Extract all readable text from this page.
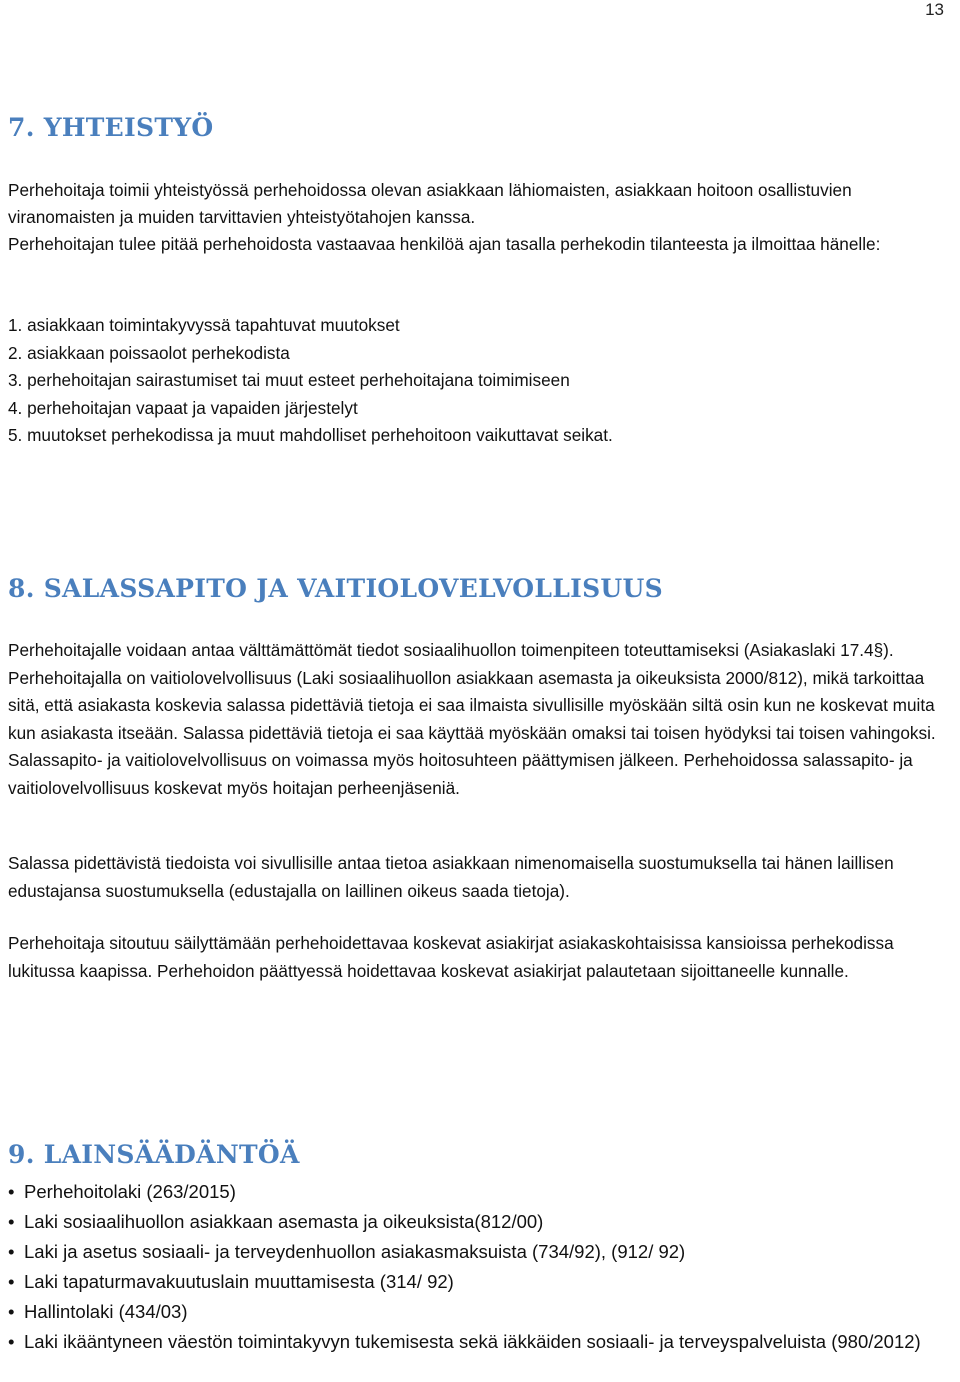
13
7. YHTEISTYÖ

Perhehoitaja toimii yhteistyössä perhehoidossa olevan asiakkaan lähiomaisten, asiakkaan hoitoon osallistuvien viranomaisten ja muiden tarvittavien yhteistyötahojen kanssa.

Perhehoitajan tulee pitää perhehoidosta vastaavaa henkilöä ajan tasalla perhekodin tilanteesta ja ilmoittaa hänelle:

1. asiakkaan toimintakyvyssä tapahtuvat muutokset
2. asiakkaan poissaolot perhekodista
3. perhehoitajan sairastumiset tai muut esteet perhehoitajana toimimiseen
4. perhehoitajan vapaat ja vapaiden järjestelyt
5. muutokset perhekodissa ja muut mahdolliset perhehoitoon vaikuttavat seikat.
8. SALASSAPITO JA VAITIOLOVELVOLLISUUS

Perhehoitajalle voidaan antaa välttämättömät tiedot sosiaalihuollon toimenpiteen toteuttamiseksi (Asiakaslaki 17.4§). Perhehoitajalla on vaitiolovelvollisuus (Laki sosiaalihuollon asiakkaan asemasta ja oikeuksista 2000/812), mikä tarkoittaa sitä, että asiakasta koskevia salassa pidettäviä tietoja ei saa ilmaista sivullisille myöskään siltä osin kun ne koskevat muita kun asiakasta itseään. Salassa pidettäviä tietoja ei saa käyttää myöskään omaksi tai toisen hyödyksi tai toisen vahingoksi. Salassapito- ja vaitiolovelvollisuus on voimassa myös hoitosuhteen päättymisen jälkeen. Perhehoidossa salassapito- ja vaitiolovelvollisuus koskevat myös hoitajan perheenjäseniä.

Salassa pidettävistä tiedoista voi sivullisille antaa tietoa asiakkaan nimenomaisella suostumuksella tai hänen laillisen edustajansa suostumuksella (edustajalla on laillinen oikeus saada tietoja).

Perhehoitaja sitoutuu säilyttämään perhehoidettavaa koskevat asiakirjat asiakaskohtaisissa kansioissa perhekodissa lukitussa kaapissa. Perhehoidon päättyessä hoidettavaa koskevat asiakirjat palautetaan sijoittaneelle kunnalle.

9. LAINSÄÄDÄNTÖÄ
• Perhehoitolaki (263/2015)
• Laki sosiaalihuollon asiakkaan asemasta ja oikeuksista(812/00)
• Laki ja asetus sosiaali- ja terveydenhuollon asiakasmaksuista (734/92), (912/ 92)
• Laki tapaturmavakuutuslain muuttamisesta (314/ 92)
• Hallintolaki (434/03)
• Laki ikääntyneen väestön toimintakyvyn tukemisesta sekä iäkkäiden sosiaali- ja terveyspalveluista (980/2012)
